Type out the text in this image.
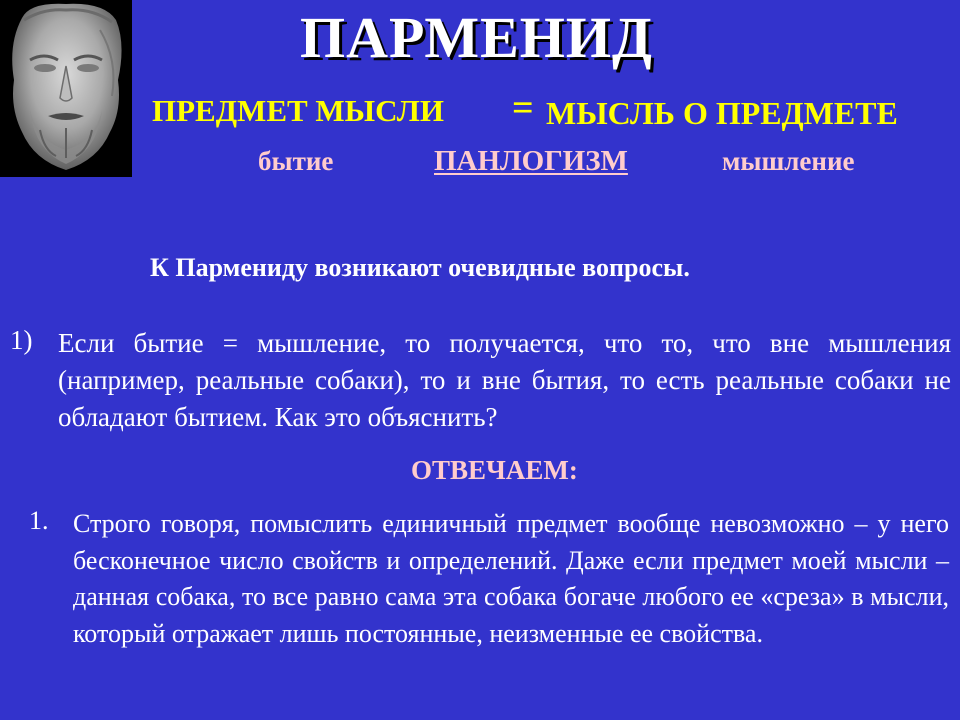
ПАРМЕНИД
ПРЕДМЕТ МЫСЛИ = МЫСЛЬ О ПРЕДМЕТЕ
бытие	ПАНЛОГИЗМ	мышление
К Пармениду возникают очевидные вопросы.
1) Если бытие = мышление, то получается, что то, что вне мышления (например, реальные собаки), то и вне бытия, то есть реальные собаки не обладают бытием. Как это объяснить?
ОТВЕЧАЕМ:
1. Строго говоря, помыслить единичный предмет вообще невозможно – у него бесконечное число свойств и определений. Даже если предмет моей мысли – данная собака, то все равно сама эта собака богаче любого ее «среза» в мысли, который отражает лишь постоянные, неизменные ее свойства.
